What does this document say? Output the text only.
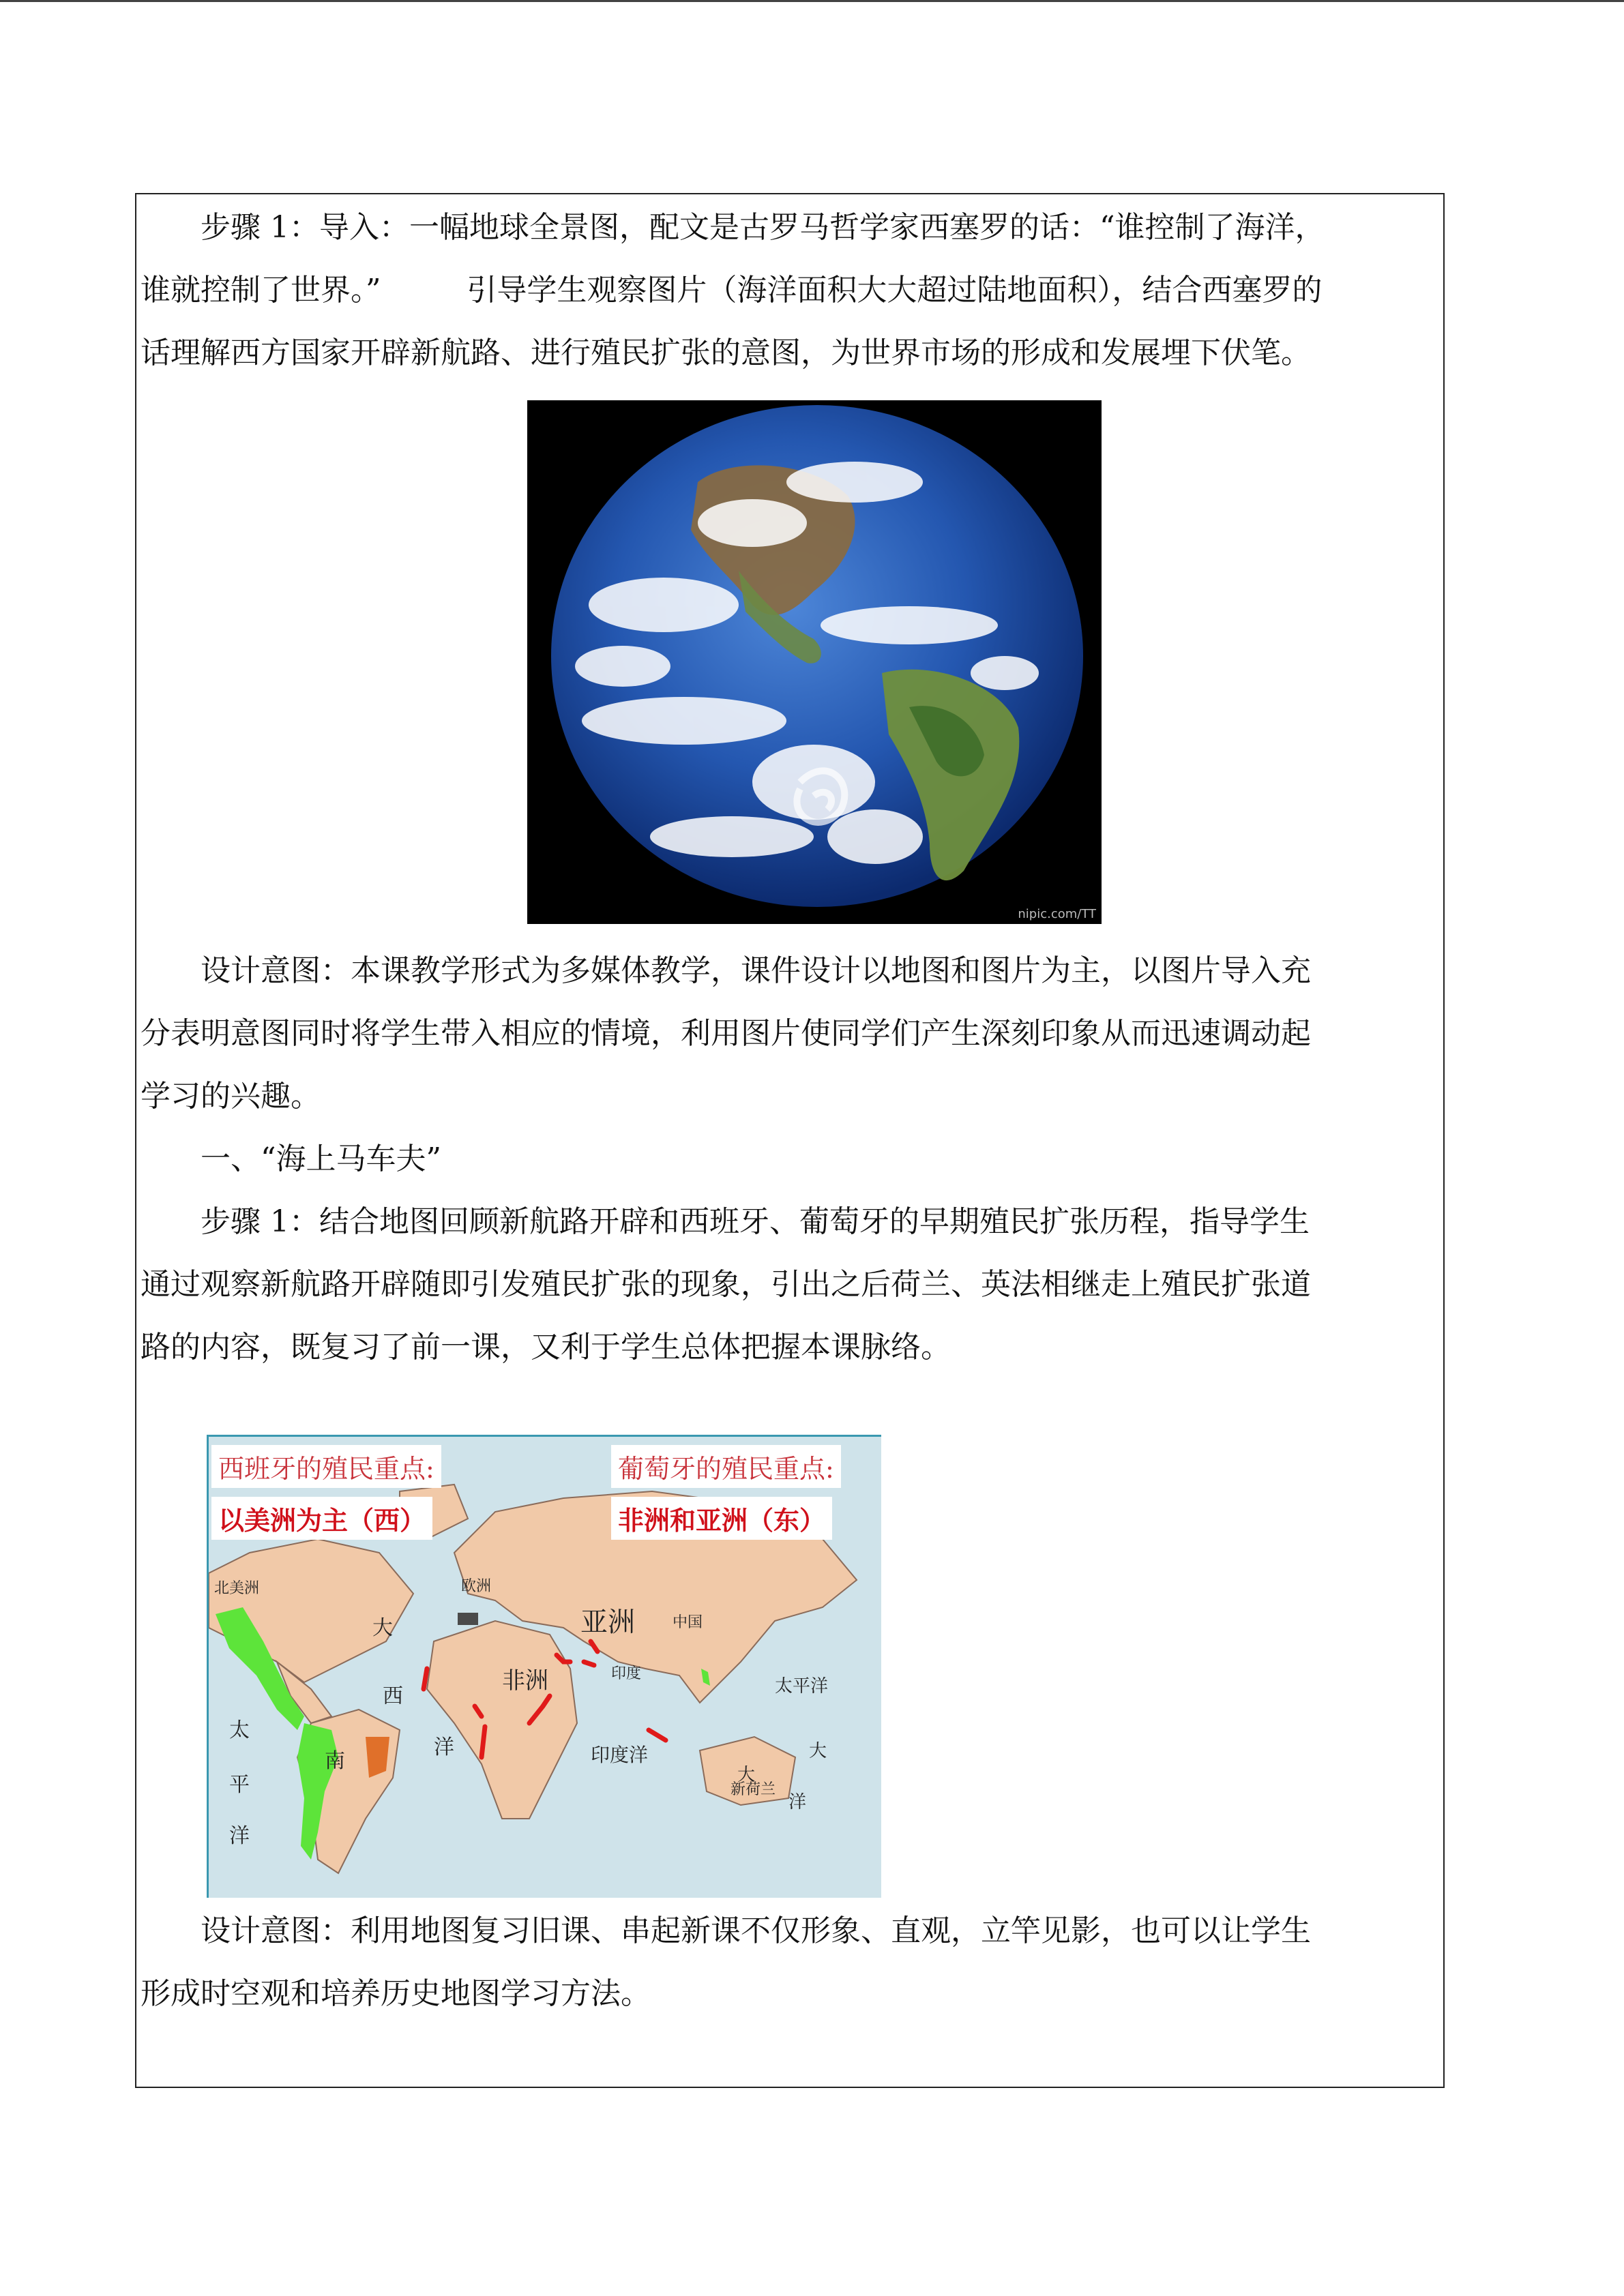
步骤 1：导入：一幅地球全景图，配文是古罗马哲学家西塞罗的话：“谁控制了海洋，

谁就控制了世界。”         引导学生观察图片（海洋面积大大超过陆地面积），结合西塞罗的

话理解西方国家开辟新航路、进行殖民扩张的意图，为世界市场的形成和发展埋下伏笔。

nipic.com/TT

设计意图：本课教学形式为多媒体教学，课件设计以地图和图片为主，以图片导入充

分表明意图同时将学生带入相应的情境，利用图片使同学们产生深刻印象从而迅速调动起

学习的兴趣。

一、“海上马车夫”

步骤 1：结合地图回顾新航路开辟和西班牙、葡萄牙的早期殖民扩张历程，指导学生

通过观察新航路开辟随即引发殖民扩张的现象，引出之后荷兰、英法相继走上殖民扩张道

路的内容，既复习了前一课，又利于学生总体把握本课脉络。

西班牙的殖民重点:
以美洲为主（西）
葡萄牙的殖民重点:
非洲和亚洲（东）
北美洲	欧洲
亚洲
非洲
中国
印度
南
大
西
洋
太
平
洋
太平洋
印度洋	大
洋
大
新荷兰

设计意图：利用地图复习旧课、串起新课不仅形象、直观，立竿见影，也可以让学生

形成时空观和培养历史地图学习方法。
